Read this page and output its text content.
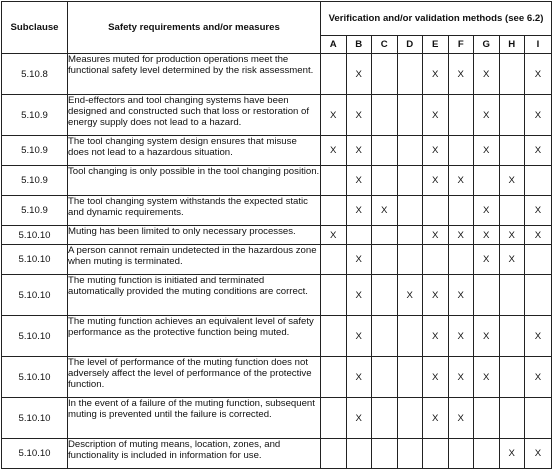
Subclause	Safety requirements and/or measures	Verification and/or validation methods (see 6.2)								
		A	B	C	D	E	F	G	H	I
5.10.8	Measures muted for production operations meet the functional safety level determined by the risk assessment.		X			X	X	X		X
5.10.9	End-effectors and tool changing systems have been designed and constructed such that loss or restoration of energy supply does not lead to a hazard.	X	X			X		X		X
5.10.9	The tool changing system design ensures that misuse does not lead to a hazardous situation.	X	X			X		X		X
5.10.9	Tool changing is only possible in the tool changing position.		X			X	X		X	
5.10.9	The tool changing system withstands the expected static and dynamic requirements.		X	X				X		X
5.10.10	Muting has been limited to only necessary processes.	X				X	X	X	X	X
5.10.10	A person cannot remain undetected in the hazardous zone when muting is terminated.		X					X	X	
5.10.10	The muting function is initiated and terminated automatically provided the muting conditions are correct.		X		X	X	X			
5.10.10	The muting function achieves an equivalent level of safety performance as the protective function being muted.		X			X	X	X		X
5.10.10	The level of performance of the muting function does not adversely affect the level of performance of the protective function.		X			X	X	X		X
5.10.10	In the event of a failure of the muting function, subsequent muting is prevented until the failure is corrected.		X			X	X			
5.10.10	Description of muting means, location, zones, and functionality is included in information for use.								X	X
